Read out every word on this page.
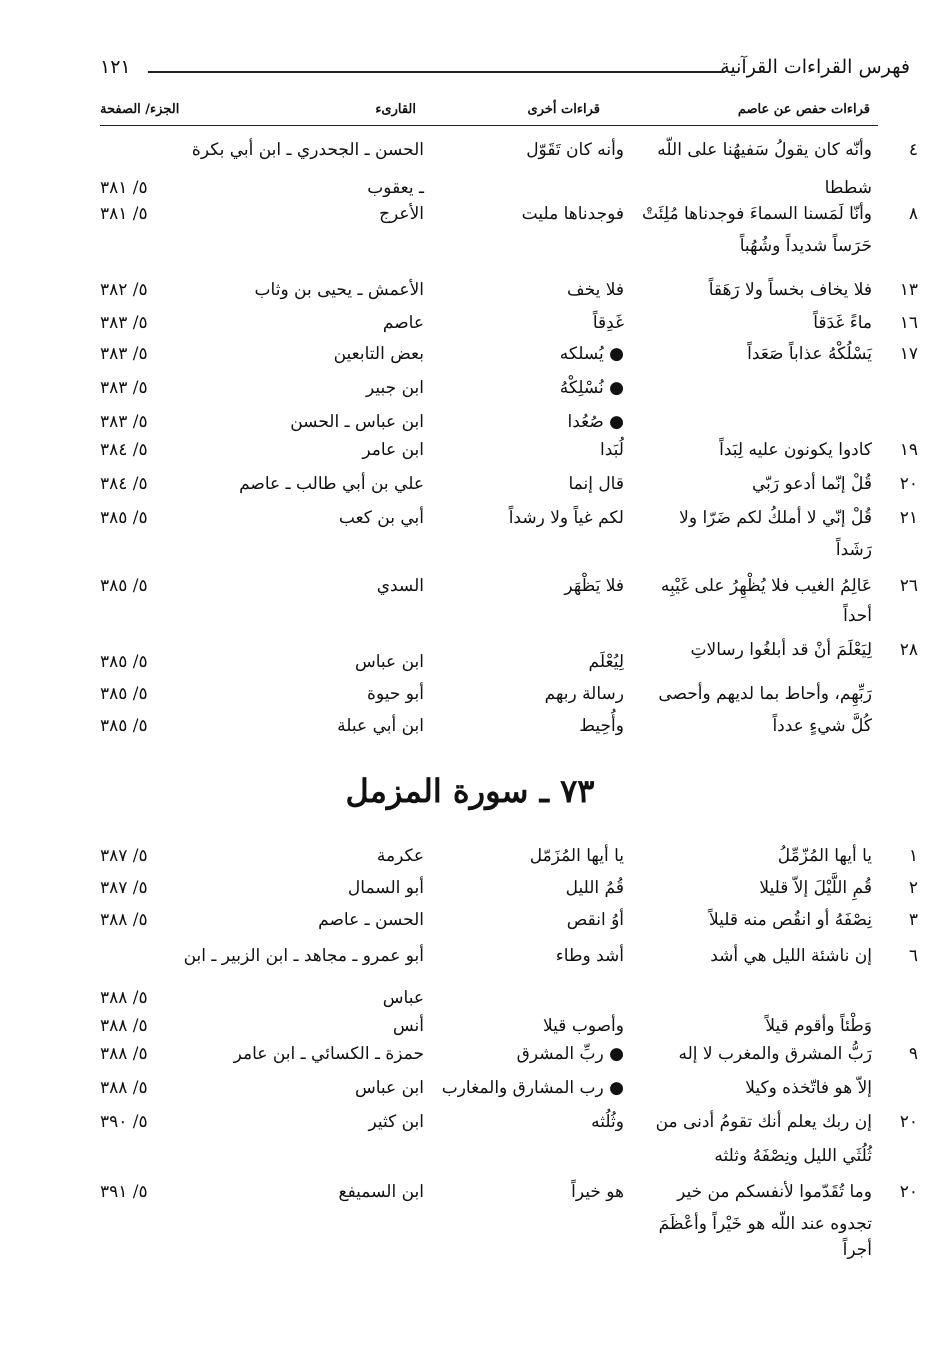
فهرس القراءات القرآنية
١٢١
قراءات حفص عن عاصم
قراءات أخرى
القارىء
الجزء/ الصفحة
٤
وأنّه كان يقولُ سَفيهُنا على اللّه
وأنه كان تَقَوّل
الحسن ـ الجحدري ـ ابن أبي بكرة
شططا
ـ يعقوب
٥/ ٣٨١
٨
وأنّا لَمَسنا السماءَ فوجدناها مُلِئَتْ
فوجدناها مليت
الأعرج
٥/ ٣٨١
حَرَساً شديداً وشُهُباً
١٣
فلا يخاف بخساً ولا رَهَقاً
فلا يخف
الأعمش ـ يحيى بن وثاب
٥/ ٣٨٢
١٦
ماءً غَدَقاً
غَدِقاً
عاصم
٥/ ٣٨٣
١٧
يَسْلُكْهُ عذاباً صَعَداً
● يُسلكه
بعض التابعين
٥/ ٣٨٣
● نُسْلِكْهُ
ابن جبير
٥/ ٣٨٣
● صُعُدا
ابن عباس ـ الحسن
٥/ ٣٨٣
١٩
كادوا يكونون عليه لِبَداً
لُبَدا
ابن عامر
٥/ ٣٨٤
٢٠
قُلْ إنّما أدعو رَبّي
قال إنما
علي بن أبي طالب ـ عاصم
٥/ ٣٨٤
٢١
قُلْ إنّي لا أملكُ لكم ضَرّا ولا
لكم غياً ولا رشداً
أبي بن كعب
٥/ ٣٨٥
رَشَداً
٢٦
عَالِمُ الغيب فلا يُظْهِرُ على غَيْبِه
فلا يَظْهَر
السدي
٥/ ٣٨٥
أحداً
٢٨
لِيَعْلَمَ أنْ قد أبلغُوا رسالاتِ
لِيُعْلَم
ابن عباس
٥/ ٣٨٥
رَبِّهِم، وأحاط بما لديهم وأحصى
رسالة ربهم
أبو حيوة
٥/ ٣٨٥
كُلَّ شيءٍ عدداً
وأُحِيط
ابن أبي عبلة
٥/ ٣٨٥
٧٣ ـ سورة المزمل
١
يا أيها المُزّمِّلُ
يا أيها المُزَمّل
عكرمة
٥/ ٣٨٧
٢
قُمِ اللَّيْلَ إلاّ قليلا
قُمُ الليل
أبو السمال
٥/ ٣٨٧
٣
نِصْفَهُ أو انقُص منه قليلاً
أوُ انقص
الحسن ـ عاصم
٥/ ٣٨٨
٦
إن ناشئة الليل هي أشد
أشد وطاء
أبو عمرو ـ مجاهد ـ ابن الزبير ـ ابن
عباس
٥/ ٣٨٨
وَطْئاً وأقوم قيلاً
وأصوب قيلا
أنس
٥/ ٣٨٨
٩
رَبُّ المشرق والمغرب لا إله
● ربِّ المشرق
حمزة ـ الكسائي ـ ابن عامر
٥/ ٣٨٨
إلاّ هو فاتّخذه وكيلا
● رب المشارق والمغارب
ابن عباس
٥/ ٣٨٨
٢٠
إن ربك يعلم أنك تقومُ أدنى من
وثُلُثه
ابن كثير
٥/ ٣٩٠
ثُلُثَي الليل ونِصْفَهُ وثلثه
٢٠
وما تُقَدّموا لأنفسكم من خير
هو خيراً
ابن السميفع
٥/ ٣٩١
تجدوه عند اللّه هو خَيْراً وأعْظَمَ
أجراً
